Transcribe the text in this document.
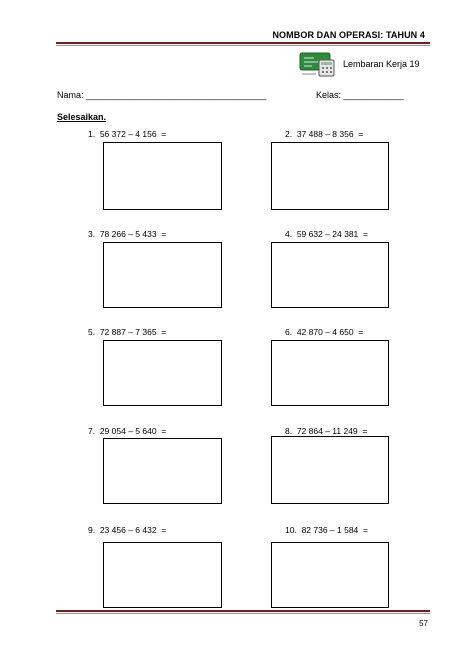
NOMBOR DAN OPERASI: TAHUN 4
Lembaran Kerja 19
Nama: ____________________________________	Kelas: ____________
Selesaikan.
1. 56 372 – 4 156  =
3. 78 266 – 5 433  =
5. 72 887 – 7 365  =
7. 29 054 – 5 640  =
9. 23 456 – 6 432  =
2. 37 488 – 8 356  =
4. 59 632 – 24 381  =
6. 42 870 – 4 650  =
8. 72 864 – 11 249  =
10. 82 736 – 1 584  =
57
